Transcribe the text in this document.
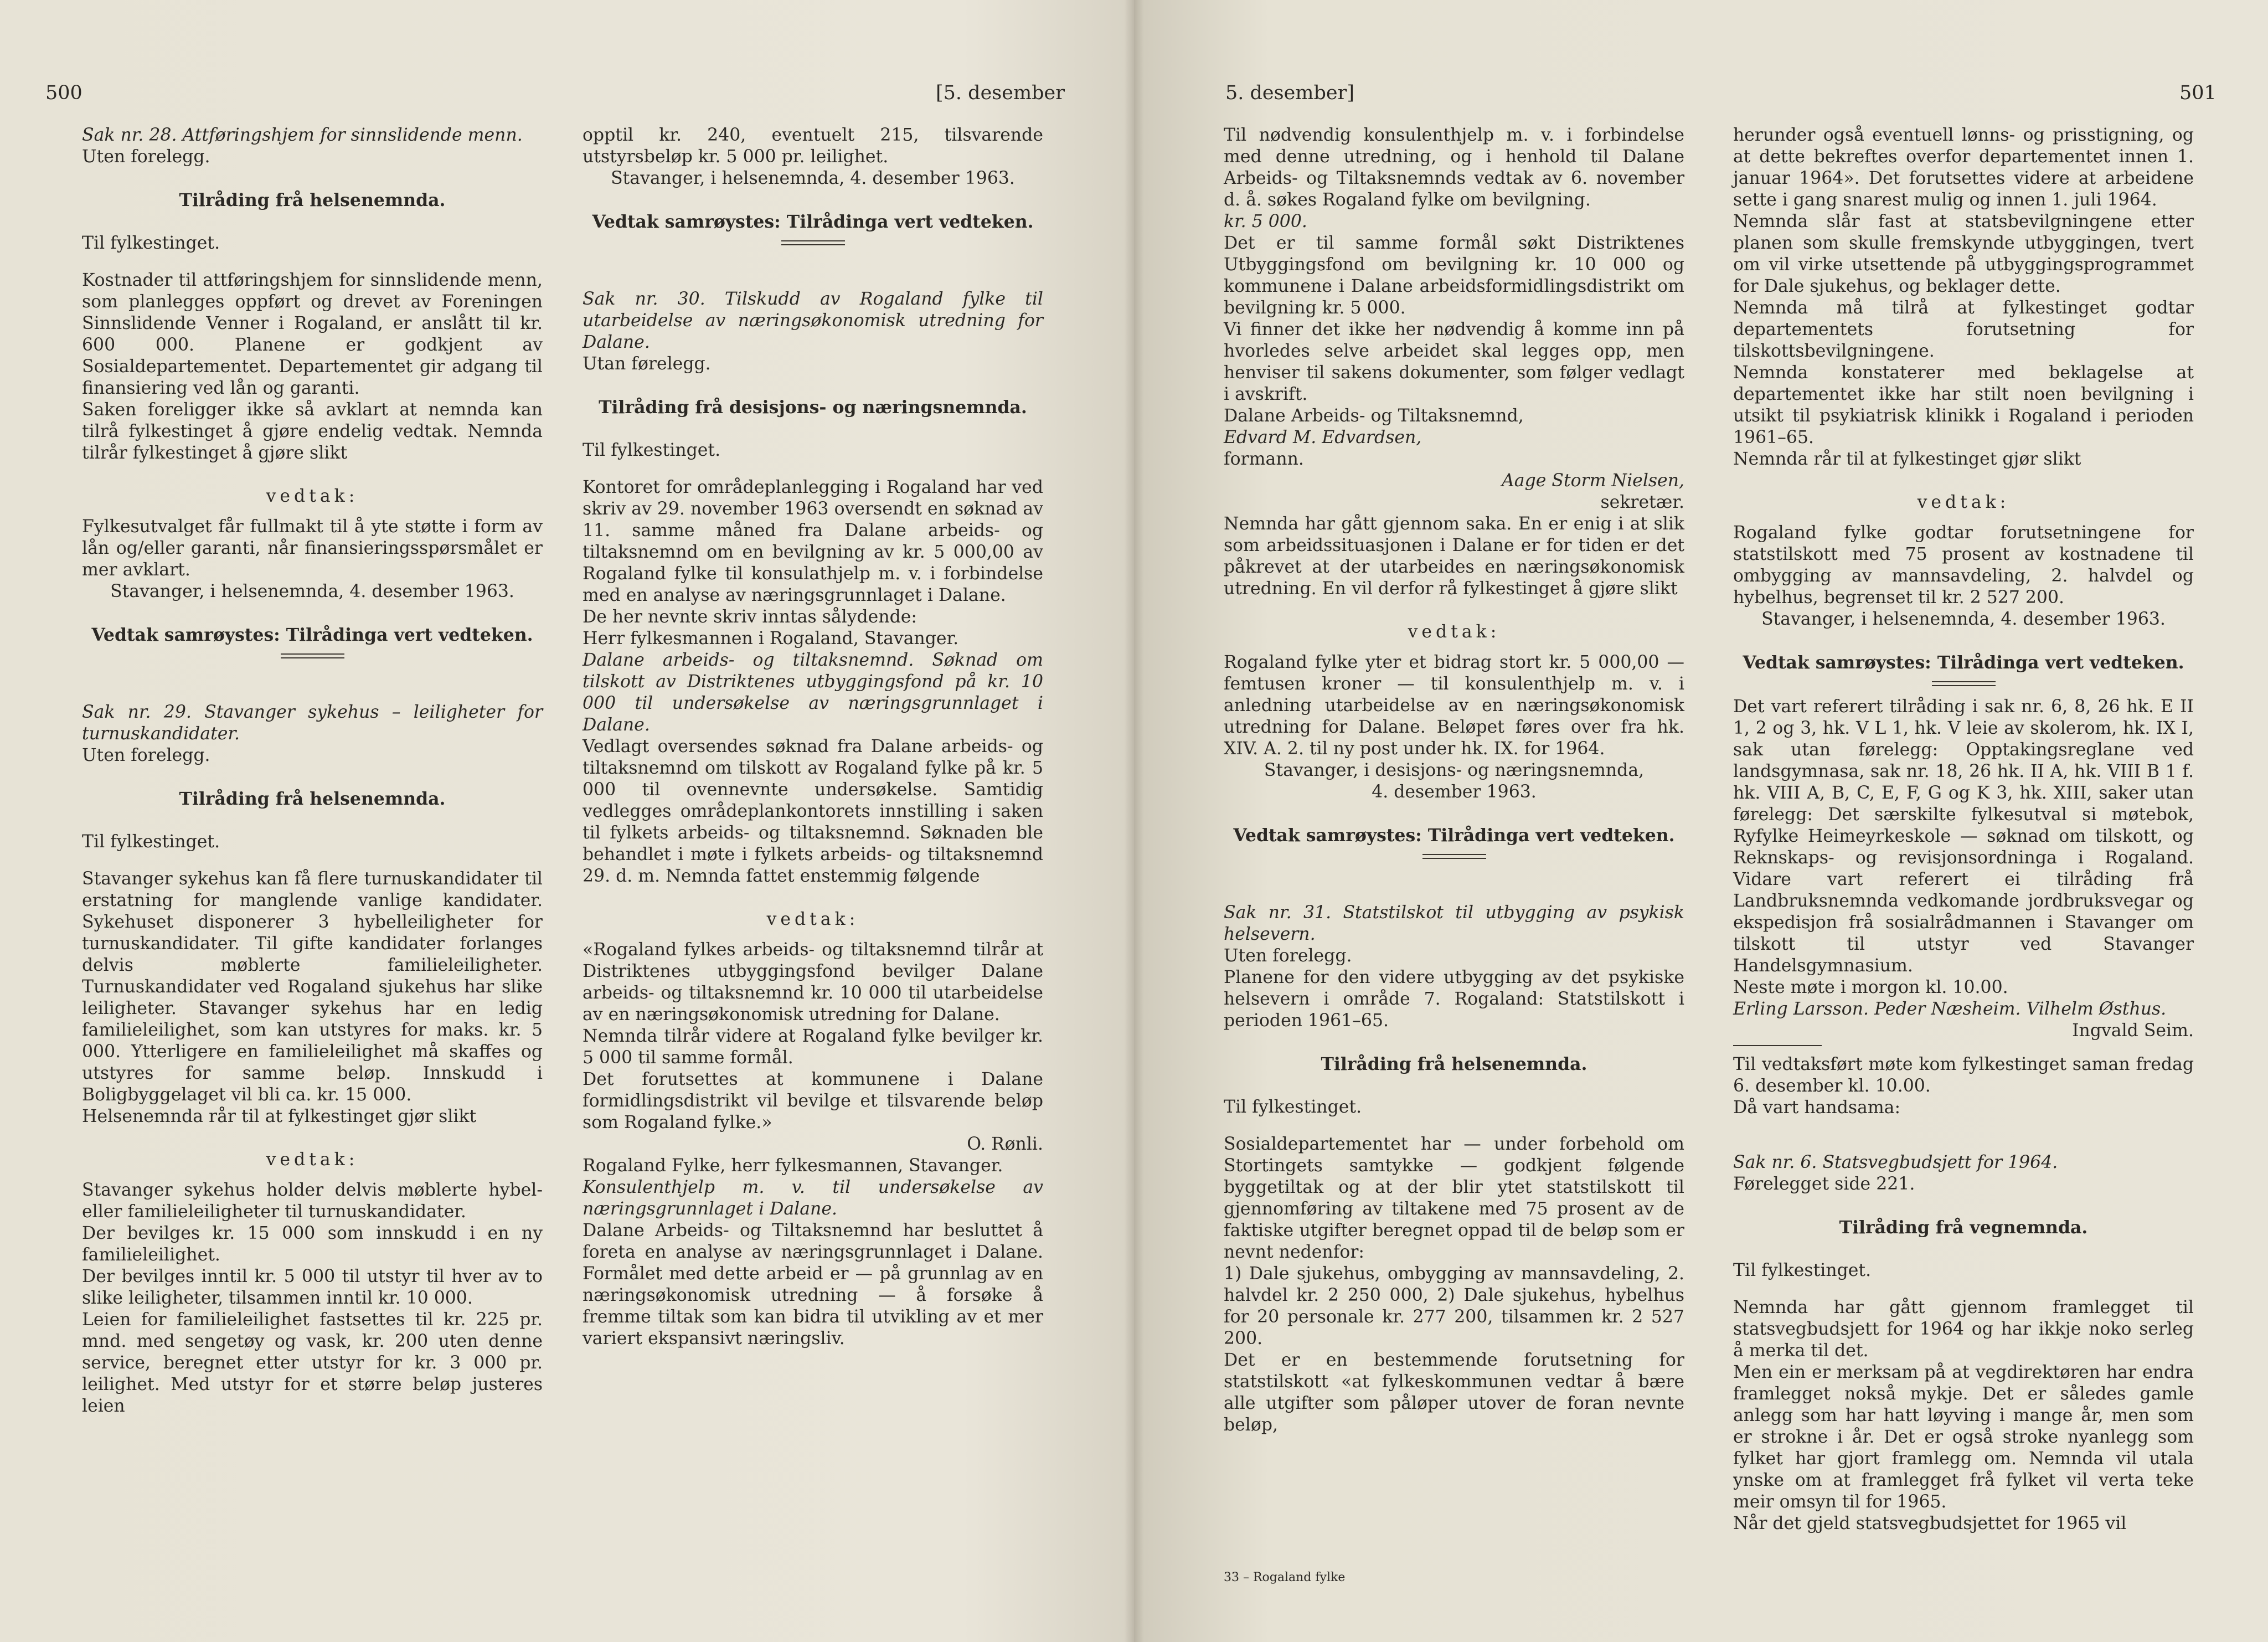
500	[5. desember

Sak nr. 28. Attføringshjem for sinnslidende menn.

Uten forelegg.

Tilråding frå helsenemnda.

Til fylkestinget.

Kostnader til attføringshjem for sinnslidende menn, som planlegges oppført og drevet av Foreningen Sinnslidende Venner i Rogaland, er anslått til kr. 600 000. Planene er godkjent av Sosialdepartementet. Departementet gir adgang til finansiering ved lån og garanti.
Saken foreligger ikke så avklart at nemnda kan tilrå fylkestinget å gjøre endelig vedtak. Nemnda tilrår fylkestinget å gjøre slikt

vedtak:

Fylkesutvalget får fullmakt til å yte støtte i form av lån og/eller garanti, når finansieringsspørsmålet er mer avklart.

Stavanger, i helsenemnda, 4. desember 1963.

Vedtak samrøystes: Tilrådinga vert vedteken.

Sak nr. 29. Stavanger sykehus – leiligheter for turnuskandidater.

Uten forelegg.

Tilråding frå helsenemnda.

Til fylkestinget.

Stavanger sykehus kan få flere turnuskandidater til erstatning for manglende vanlige kandidater. Sykehuset disponerer 3 hybelleiligheter for turnuskandidater. Til gifte kandidater forlanges delvis møblerte familieleiligheter. Turnuskandidater ved Rogaland sjukehus har slike leiligheter. Stavanger sykehus har en ledig familieleilighet, som kan utstyres for maks. kr. 5 000. Ytterligere en familieleilighet må skaffes og utstyres for samme beløp. Innskudd i Boligbyggelaget vil bli ca. kr. 15 000.
Helsenemnda rår til at fylkestinget gjør slikt

vedtak:

Stavanger sykehus holder delvis møblerte hybel- eller familieleiligheter til turnuskandidater.
Der bevilges kr. 15 000 som innskudd i en ny familieleilighet.
Der bevilges inntil kr. 5 000 til utstyr til hver av to slike leiligheter, tilsammen inntil kr. 10 000.
Leien for familieleilighet fastsettes til kr. 225 pr. mnd. med sengetøy og vask, kr. 200 uten denne service, beregnet etter utstyr for kr. 3 000 pr. leilighet. Med utstyr for et større beløp justeres leien

opptil kr. 240, eventuelt 215, tilsvarende utstyrsbeløp kr. 5 000 pr. leilighet.

Stavanger, i helsenemnda, 4. desember 1963.

Vedtak samrøystes: Tilrådinga vert vedteken.

Sak nr. 30. Tilskudd av Rogaland fylke til utarbeidelse av næringsøkonomisk utredning for Dalane.

Utan førelegg.

Tilråding frå desisjons- og næringsnemnda.

Til fylkestinget.

Kontoret for områdeplanlegging i Rogaland har ved skriv av 29. november 1963 oversendt en søknad av 11. samme måned fra Dalane arbeids- og tiltaksnemnd om en bevilgning av kr. 5 000,00 av Rogaland fylke til konsulathjelp m. v. i forbindelse med en analyse av næringsgrunnlaget i Dalane.
De her nevnte skriv inntas sålydende:

Herr fylkesmannen i Rogaland, Stavanger.

Dalane arbeids- og tiltaksnemnd. Søknad om tilskott av Distriktenes utbyggingsfond på kr. 10 000 til undersøkelse av næringsgrunnlaget i Dalane.

Vedlagt oversendes søknad fra Dalane arbeids- og tiltaksnemnd om tilskott av Rogaland fylke på kr. 5 000 til ovennevnte undersøkelse. Samtidig vedlegges områdeplankontorets innstilling i saken til fylkets arbeids- og tiltaksnemnd. Søknaden ble behandlet i møte i fylkets arbeids- og tiltaksnemnd 29. d. m. Nemnda fattet enstemmig følgende

vedtak:

«Rogaland fylkes arbeids- og tiltaksnemnd tilrår at Distriktenes utbyggingsfond bevilger Dalane arbeids- og tiltaksnemnd kr. 10 000 til utarbeidelse av en næringsøkonomisk utredning for Dalane.
Nemnda tilrår videre at Rogaland fylke bevilger kr. 5 000 til samme formål.
Det forutsettes at kommunene i Dalane formidlingsdistrikt vil bevilge et tilsvarende beløp som Rogaland fylke.»

O. Rønli.

Rogaland Fylke, herr fylkesmannen, Stavanger.

Konsulenthjelp m. v. til undersøkelse av næringsgrunnlaget i Dalane.

Dalane Arbeids- og Tiltaksnemnd har besluttet å foreta en analyse av næringsgrunnlaget i Dalane. Formålet med dette arbeid er — på grunnlag av en næringsøkonomisk utredning — å forsøke å fremme tiltak som kan bidra til utvikling av et mer variert ekspansivt næringsliv.

5. desember]	501

Til nødvendig konsulenthjelp m. v. i forbindelse med denne utredning, og i henhold til Dalane Arbeids- og Tiltaksnemnds vedtak av 6. november d. å. søkes Rogaland fylke om bevilgning.

kr. 5 000.

Det er til samme formål søkt Distriktenes Utbyggingsfond om bevilgning kr. 10 000 og kommunene i Dalane arbeidsformidlingsdistrikt om bevilgning kr. 5 000.
Vi finner det ikke her nødvendig å komme inn på hvorledes selve arbeidet skal legges opp, men henviser til sakens dokumenter, som følger vedlagt i avskrift.

Dalane Arbeids- og Tiltaksnemnd,

Edvard M. Edvardsen,

formann.

Aage Storm Nielsen,

sekretær.

Nemnda har gått gjennom saka. En er enig i at slik som arbeidssituasjonen i Dalane er for tiden er det påkrevet at der utarbeides en næringsøkonomisk utredning. En vil derfor rå fylkestinget å gjøre slikt

vedtak:

Rogaland fylke yter et bidrag stort kr. 5 000,00 — femtusen kroner — til konsulenthjelp m. v. i anledning utarbeidelse av en næringsøkonomisk utredning for Dalane. Beløpet føres over fra hk. XIV. A. 2. til ny post under hk. IX. for 1964.

Stavanger, i desisjons- og næringsnemnda,
4. desember 1963.

Vedtak samrøystes: Tilrådinga vert vedteken.

Sak nr. 31. Statstilskot til utbygging av psykisk helsevern.

Uten forelegg.

Planene for den videre utbygging av det psykiske helsevern i område 7. Rogaland: Statstilskott i perioden 1961–65.

Tilråding frå helsenemnda.

Til fylkestinget.

Sosialdepartementet har — under forbehold om Stortingets samtykke — godkjent følgende byggetiltak og at der blir ytet statstilskott til gjennomføring av tiltakene med 75 prosent av de faktiske utgifter beregnet oppad til de beløp som er nevnt nedenfor:
1) Dale sjukehus, ombygging av mannsavdeling, 2. halvdel kr. 2 250 000, 2) Dale sjukehus, hybelhus for 20 personale kr. 277 200, tilsammen kr. 2 527 200.
Det er en bestemmende forutsetning for statstilskott «at fylkeskommunen vedtar å bære alle utgifter som påløper utover de foran nevnte beløp,

herunder også eventuell lønns- og prisstigning, og at dette bekreftes overfor departementet innen 1. januar 1964». Det forutsettes videre at arbeidene sette i gang snarest mulig og innen 1. juli 1964.
Nemnda slår fast at statsbevilgningene etter planen som skulle fremskynde utbyggingen, tvert om vil virke utsettende på utbyggingsprogrammet for Dale sjukehus, og beklager dette.
Nemnda må tilrå at fylkestinget godtar departementets forutsetning for tilskottsbevilgningene.
Nemnda konstaterer med beklagelse at departementet ikke har stilt noen bevilgning i utsikt til psykiatrisk klinikk i Rogaland i perioden 1961–65.
Nemnda rår til at fylkestinget gjør slikt

vedtak:

Rogaland fylke godtar forutsetningene for statstilskott med 75 prosent av kostnadene til ombygging av mannsavdeling, 2. halvdel og hybelhus, begrenset til kr. 2 527 200.

Stavanger, i helsenemnda, 4. desember 1963.

Vedtak samrøystes: Tilrådinga vert vedteken.

Det vart referert tilråding i sak nr. 6, 8, 26 hk. E II 1, 2 og 3, hk. V L 1, hk. V leie av skolerom, hk. IX I, sak utan førelegg: Opptakingsreglane ved landsgymnasa, sak nr. 18, 26 hk. II A, hk. VIII B 1 f. hk. VIII A, B, C, E, F, G og K 3, hk. XIII, saker utan førelegg: Det særskilte fylkesutval si møtebok, Ryfylke Heimeyrkeskole — søknad om tilskott, og Reknskaps- og revisjonsordninga i Rogaland. Vidare vart referert ei tilråding frå Landbruksnemnda vedkomande jordbruksvegar og ekspedisjon frå sosialrådmannen i Stavanger om tilskott til utstyr ved Stavanger Handelsgymnasium.
Neste møte i morgon kl. 10.00.

Erling Larsson. Peder Næsheim. Vilhelm Østhus.

Ingvald Seim.

Til vedtaksført møte kom fylkestinget saman fredag 6. desember kl. 10.00.
Då vart handsama:

Sak nr. 6. Statsvegbudsjett for 1964.

Førelegget side 221.

Tilråding frå vegnemnda.

Til fylkestinget.

Nemnda har gått gjennom framlegget til statsvegbudsjett for 1964 og har ikkje noko serleg å merka til det.
Men ein er merksam på at vegdirektøren har endra framlegget nokså mykje. Det er således gamle anlegg som har hatt løyving i mange år, men som er strokne i år. Det er også stroke nyanlegg som fylket har gjort framlegg om. Nemnda vil utala ynske om at framlegget frå fylket vil verta teke meir omsyn til for 1965.
Når det gjeld statsvegbudsjettet for 1965 vil

33 – Rogaland fylke
